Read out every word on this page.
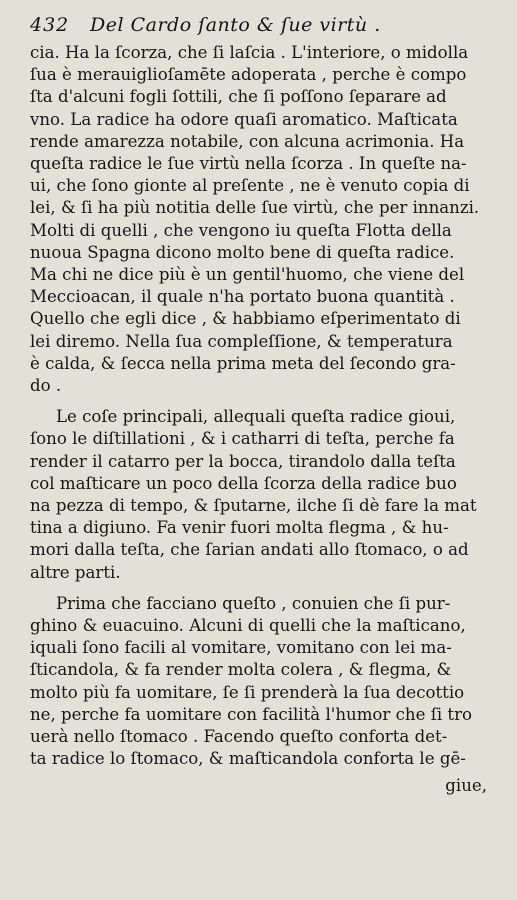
432	Del Cardo ſanto & ſue virtù .
cia. Ha la ſcorza, che ſi laſcia . L'interiore, o midolla
ſua è merauiglioſamēte adoperata , perche è compo
ſta d'alcuni fogli ſottili, che ſi poſſono ſeparare ad
vno. La radice ha odore quaſi aromatico. Maſticata
rende amarezza notabile, con alcuna acrimonia. Ha
queſta radice le ſue virtù nella ſcorza . In queſte na-
ui, che ſono gionte al preſente , ne è venuto copia di
lei, & ſi ha più notitia delle ſue virtù, che per innanzi.
Molti di quelli , che vengono iu queſta Flotta della
nuoua Spagna dicono molto bene di queſta radice.
Ma chi ne dice più è un gentil'huomo, che viene del
Meccioacan, il quale n'ha portato buona quantità .
Quello che egli dice , & habbiamo eſperimentato di
lei diremo. Nella ſua compleſſione, & temperatura
è calda, & ſecca nella prima meta del ſecondo gra-
do .
Le coſe principali, allequali queſta radice gioui,
ſono le diſtillationi , & i catharri di teſta, perche fa
render il catarro per la bocca, tirandolo dalla teſta
col maſticare un poco della ſcorza della radice buo
na pezza di tempo, & ſputarne, ilche ſi dè fare la mat
tina a digiuno. Fa venir fuori molta flegma , & hu-
mori dalla teſta, che ſarian andati allo ſtomaco, o ad
altre parti.
Prima che facciano queſto , conuien che ſi pur-
ghino & euacuino. Alcuni di quelli che la maſticano,
iquali ſono facili al vomitare, vomitano con lei ma-
ſticandola, & fa render molta colera , & flegma, &
molto più fa uomitare, ſe ſi prenderà la ſua decottio
ne, perche fa uomitare con facilità l'humor che ſi tro
uerà nello ſtomaco . Facendo queſto conforta det-
ta radice lo ſtomaco, & maſticandola conforta le gē-
giue,
